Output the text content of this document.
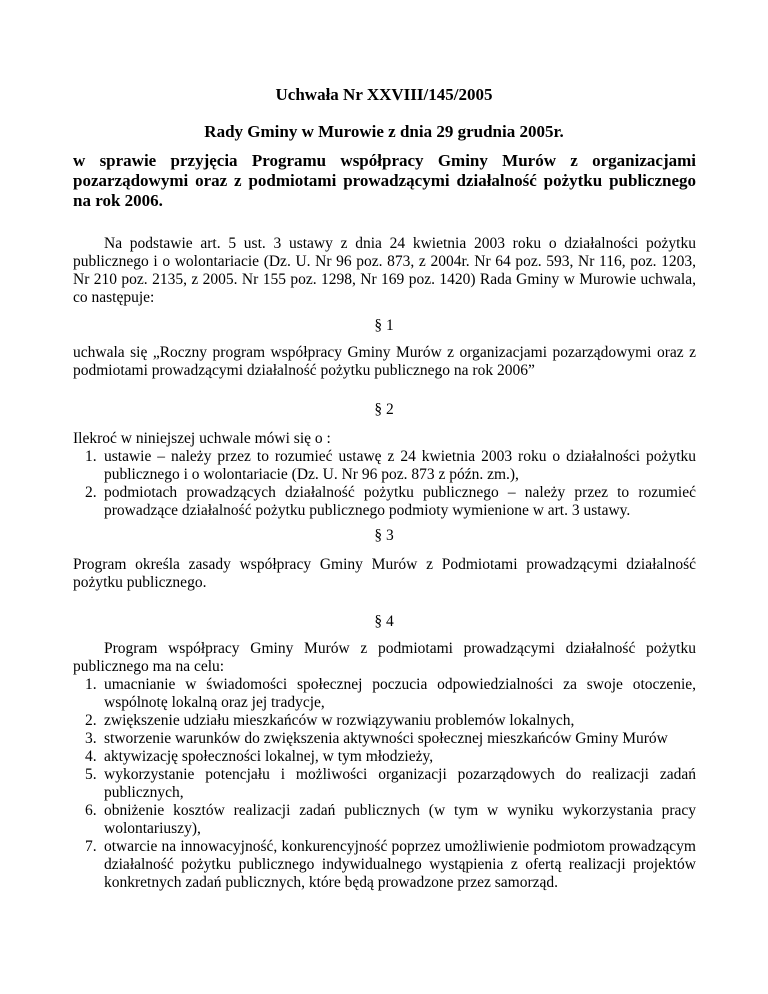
Uchwała Nr XXVIII/145/2005
Rady Gminy w Murowie z dnia 29 grudnia 2005r.
w sprawie przyjęcia Programu współpracy Gminy Murów z organizacjami pozarządowymi oraz z podmiotami prowadzącymi działalność pożytku publicznego na rok 2006.
Na podstawie art. 5 ust. 3 ustawy z dnia 24 kwietnia 2003 roku o działalności pożytku publicznego i o wolontariacie (Dz. U. Nr 96 poz. 873, z 2004r. Nr 64 poz. 593, Nr 116, poz. 1203, Nr 210 poz. 2135, z 2005. Nr 155 poz. 1298, Nr 169 poz. 1420) Rada Gminy w Murowie uchwala, co następuje:
§ 1
uchwala się „Roczny program współpracy Gminy Murów z organizacjami pozarządowymi oraz z podmiotami prowadzącymi działalność pożytku publicznego na rok 2006”
§ 2
Ilekroć w niniejszej uchwale mówi się o :
1. ustawie – należy przez to rozumieć ustawę z 24 kwietnia 2003 roku o działalności pożytku publicznego i o wolontariacie (Dz. U. Nr 96 poz. 873 z późn. zm.),
2. podmiotach prowadzących działalność pożytku publicznego – należy przez to rozumieć prowadzące działalność pożytku publicznego podmioty wymienione w art. 3 ustawy.
§ 3
Program określa zasady współpracy Gminy Murów z Podmiotami prowadzącymi działalność pożytku publicznego.
§ 4
Program współpracy Gminy Murów z podmiotami prowadzącymi działalność pożytku publicznego ma na celu:
1. umacnianie w świadomości społecznej poczucia odpowiedzialności za swoje otoczenie, wspólnotę lokalną oraz jej tradycje,
2. zwiększenie udziału mieszkańców w rozwiązywaniu problemów lokalnych,
3. stworzenie warunków do zwiększenia aktywności społecznej mieszkańców Gminy Murów
4. aktywizację społeczności lokalnej, w tym młodzieży,
5. wykorzystanie potencjału i możliwości organizacji pozarządowych do realizacji zadań publicznych,
6. obniżenie kosztów realizacji zadań publicznych (w tym w wyniku wykorzystania pracy wolontariuszy),
7. otwarcie na innowacyjność, konkurencyjność poprzez umożliwienie podmiotom prowadzącym działalność pożytku publicznego indywidualnego wystąpienia z ofertą realizacji projektów konkretnych zadań publicznych, które będą prowadzone przez samorząd.
